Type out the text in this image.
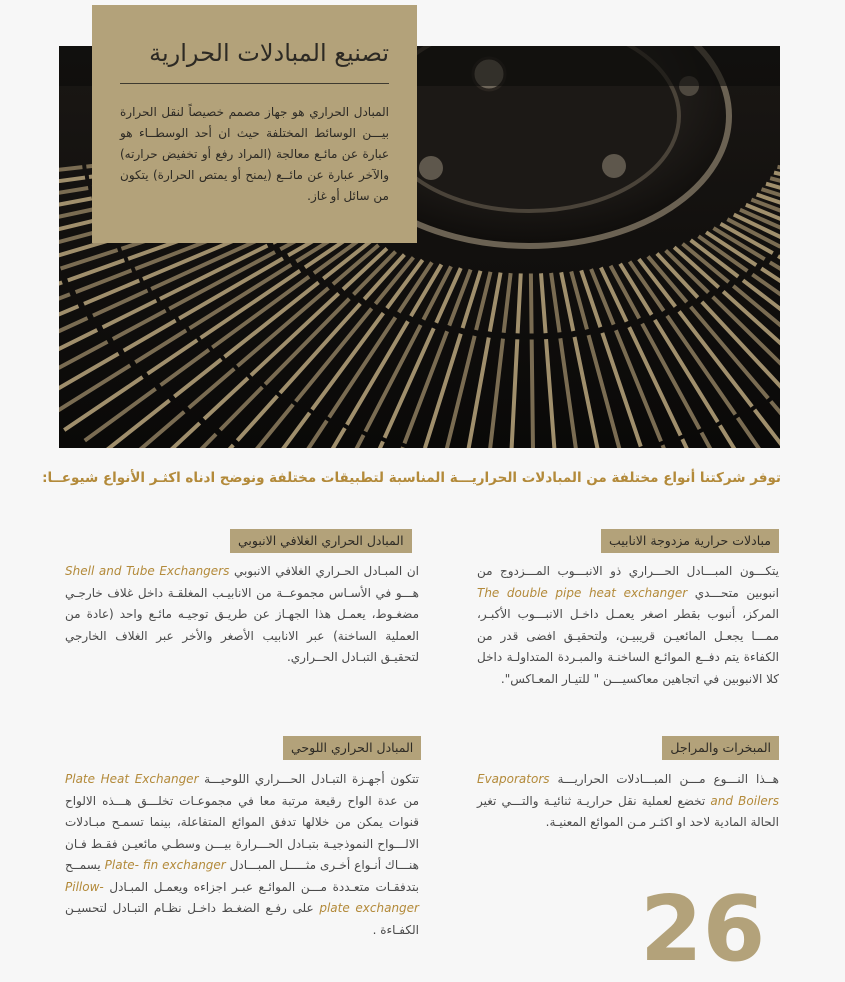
تصنيع المبادلات الحرارية

المبادل الحراري هو جهاز مصمم خصيصاً لنقل الحرارة بيـــن الوسائط المختلفة حيث ان أحد الوسطــاء هو عبارة عن مائـع معالجة (المراد رفع أو تخفيض حرارته) والآخر عبارة عن مائــع (يمنح أو يمتص الحرارة) يتكون من سائل أو غاز.

توفر شركتنا أنواع مختلفة من المبادلات الحراريـــة المناسبة لتطبيقات مختلفة ونوضح ادناه اكثـر الأنواع شيوعــا:
مبادلات حرارية مزدوجة الانابيب
يتكـــون المبـــادل الحـــراري ذو الانبـــوب المـــزدوج من انبوبين متحـــدي The double pipe heat exchanger المركز، أنبوب بقطر اصغر يعمـل داخـل الانبـــوب الأكبـر، ممـــا يجعـل المائعيـن قريبيـن، ولتحقيـق افضى قدر من الكفاءة يتم دفــع الموائـع الساخنـة والمبـردة المتداولـة داخل كلا الانبوبين في اتجاهين معاكسيـــن " للتيـار المعـاكس".
المبادل الحراري الغلافي الانبوبي
ان المبـادل الحـراري الغلافي الانبوبي Shell and Tube Exchangers هـــو في الأسـاس مجموعــة من الانابيـب المغلقـة داخل غلاف خارجـي مضغـوط، يعمـل هذا الجهـاز عن طريـق توجيـه مائـع واحد (عادة من العملية الساخنة) عبر الانابيب الأصغر والأخر عبر الغلاف الخارجي لتحقيـق التبـادل الحــراري.
المبخرات والمراجل
هــذا النـــوع مـــن المبـــادلات الحراريـــة Evaporators and Boilers تخضع لعملية نقل حراريـة ثنائيـة والتـــي تغير الحالة المادية لاحد او اكثـر مـن الموائع المعنيـة.
المبادل الحراري اللوحي
تتكون أجهـزة التبـادل الحـــراري اللوحيـــة Plate Heat Exchanger من عدة الواح رقيعة مرتبة معا في مجموعـات تخلـــق هـــذه الالواح قنوات يمكن من خلالها تدفق الموائع المتفاعلة، بينما تسمـح مبـادلات الالـــواح النموذجيـة بتبـادل الحـــرارة بيـــن وسطـي مائعيـن فقـط فـان هنـــاك أنـواع أخـرى مثـــــل المبـــادل Plate- fin exchanger يسمــح بتدفقـات متعـددة مـــن الموائـع عبـر اجزاءه ويعمـل المبـادل Pillow- plate exchanger على رفـع الضغـط داخـل نظـام التبـادل لتحسيـن الكفـاءة . 26
